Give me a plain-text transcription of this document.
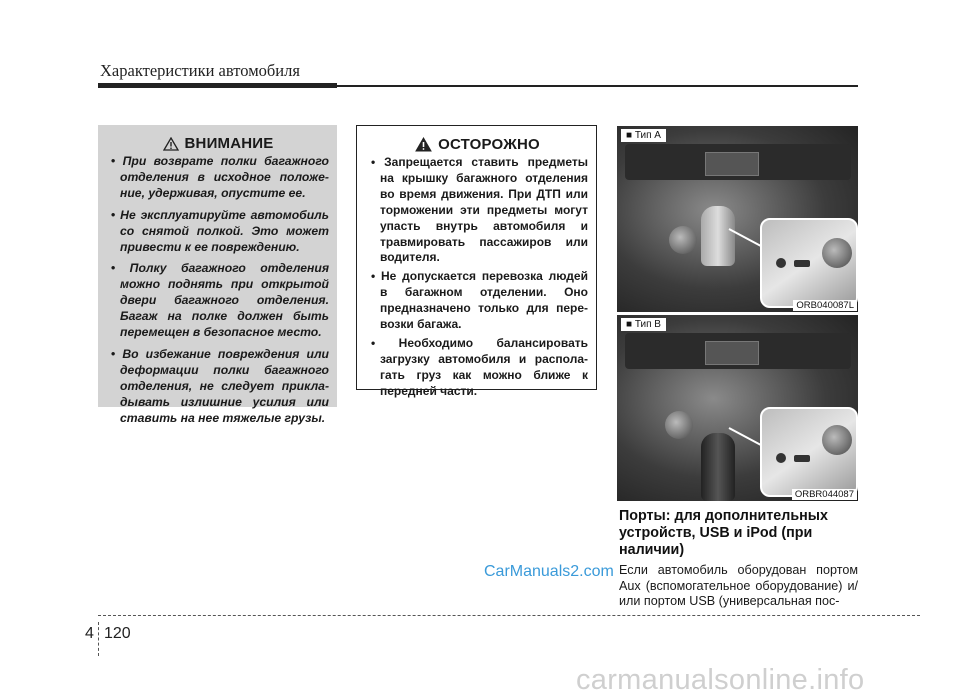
Характеристики автомобиля
ВНИМАНИЕ
• При возврате полки багажного отделения в исходное положе-ние, удерживая, опустите ее.
• Не эксплуатируйте автомобиль со снятой полкой. Это может привести к ее повреждению.
• Полку багажного отделения можно поднять при открытой двери багажного отделения. Багаж на полке должен быть перемещен в безопасное место.
• Во избежание повреждения или деформации полки багажного отделения, не следует прикла-дывать излишние усилия или ставить на нее тяжелые грузы.
ОСТОРОЖНО
• Запрещается ставить предметы на крышку багажного отделения во время движения. При ДТП или торможении эти предметы могут упасть внутрь автомобиля и травмировать пассажиров или водителя.
• Не допускается перевозка людей в багажном отделении. Оно предназначено только для пере-возки багажа.
• Необходимо балансировать загрузку автомобиля и распола-гать груз как можно ближе к передней части.
■ Тип A
ORB040087L
■ Тип B
ORBR044087
Порты: для дополнительных устройств, USB и iPod (при наличии)
Если автомобиль оборудован портом Aux (вспомогательное оборудование) и/или портом USB (универсальная пос-
CarManuals2.com
4 120
carmanualsonline.info
